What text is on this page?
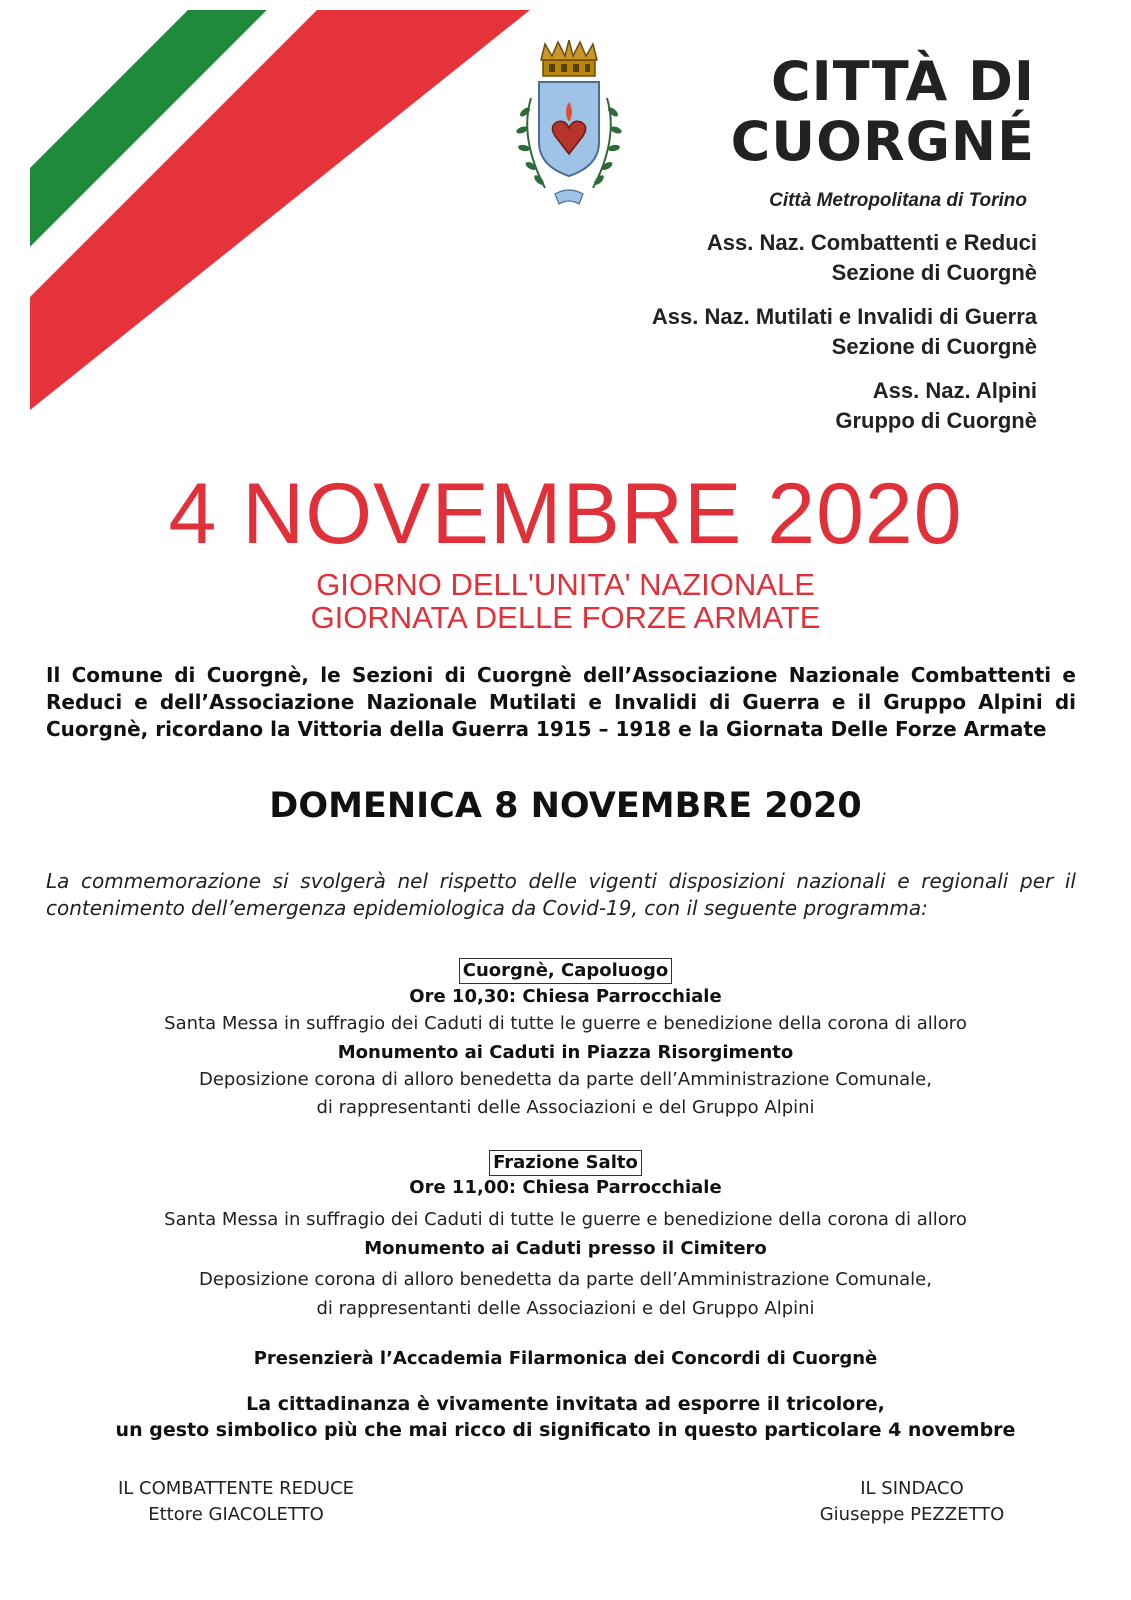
CITTÀ DI
CUORGNÉ
Città Metropolitana di Torino
Ass. Naz. Combattenti e Reduci
Sezione di Cuorgnè
Ass. Naz. Mutilati e Invalidi di Guerra
Sezione di Cuorgnè
Ass. Naz. Alpini
Gruppo di Cuorgnè
4 NOVEMBRE 2020
GIORNO DELL'UNITA' NAZIONALE
GIORNATA DELLE FORZE ARMATE
Il Comune di Cuorgnè, le Sezioni di Cuorgnè dell’Associazione Nazionale Combattenti e Reduci e dell’Associazione Nazionale Mutilati e Invalidi di Guerra e il Gruppo Alpini di Cuorgnè, ricordano la Vittoria della Guerra 1915 – 1918 e la Giornata Delle Forze Armate
DOMENICA 8 NOVEMBRE 2020
La commemorazione si svolgerà nel rispetto delle vigenti disposizioni nazionali e regionali per il contenimento dell’emergenza epidemiologica da Covid-19, con il seguente programma:
Cuorgnè, Capoluogo
Ore 10,30: Chiesa Parrocchiale
Santa Messa in suffragio dei Caduti di tutte le guerre e benedizione della corona di alloro
Monumento ai Caduti in Piazza Risorgimento
Deposizione corona di alloro benedetta da parte dell’Amministrazione Comunale,
di rappresentanti delle Associazioni e del Gruppo Alpini
Frazione Salto
Ore 11,00: Chiesa Parrocchiale
Santa Messa in suffragio dei Caduti di tutte le guerre e benedizione della corona di alloro
Monumento ai Caduti presso il Cimitero
Deposizione corona di alloro benedetta da parte dell’Amministrazione Comunale,
di rappresentanti delle Associazioni e del Gruppo Alpini
Presenzierà l’Accademia Filarmonica dei Concordi di Cuorgnè
La cittadinanza è vivamente invitata ad esporre il tricolore,
un gesto simbolico più che mai ricco di significato in questo particolare 4 novembre
IL COMBATTENTE REDUCE
Ettore GIACOLETTO
IL SINDACO
Giuseppe PEZZETTO
